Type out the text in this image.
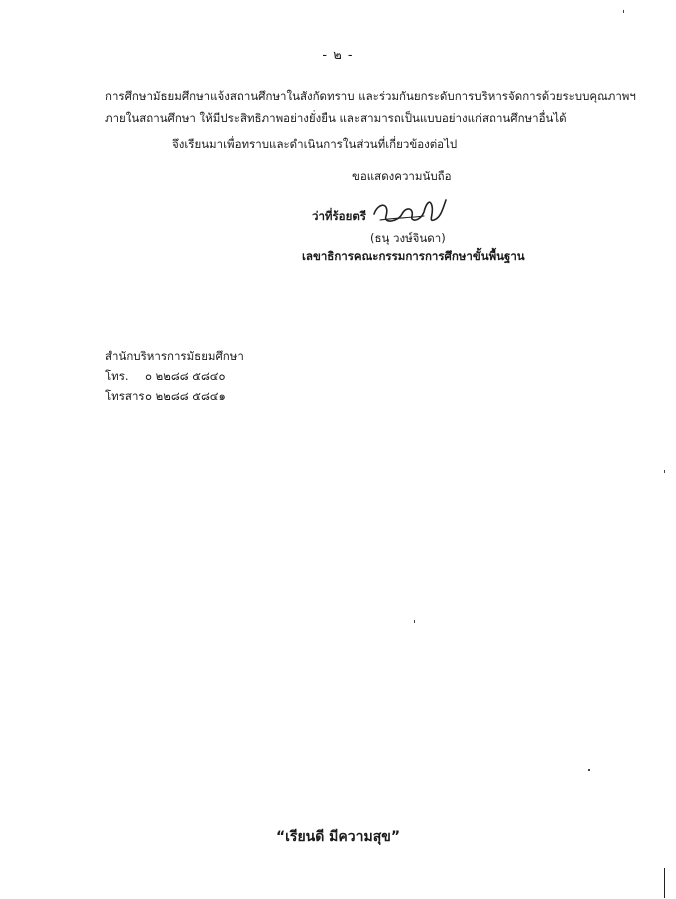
- ๒ -
การศึกษามัธยมศึกษาแจ้งสถานศึกษาในสังกัดทราบ และร่วมกันยกระดับการบริหารจัดการด้วยระบบคุณภาพฯ
ภายในสถานศึกษา ให้มีประสิทธิภาพอย่างยั่งยืน และสามารถเป็นแบบอย่างแก่สถานศึกษาอื่นได้
จึงเรียนมาเพื่อทราบและดำเนินการในส่วนที่เกี่ยวข้องต่อไป
ขอแสดงความนับถือ
ว่าที่ร้อยตรี
(ธนุ วงษ์จินดา)
เลขาธิการคณะกรรมการการศึกษาขั้นพื้นฐาน
สำนักบริหารการมัธยมศึกษา
โทร. ๐ ๒๒๘๘ ๕๘๔๐
โทรสาร ๐ ๒๒๘๘ ๕๘๔๑
“เรียนดี มีความสุข”
